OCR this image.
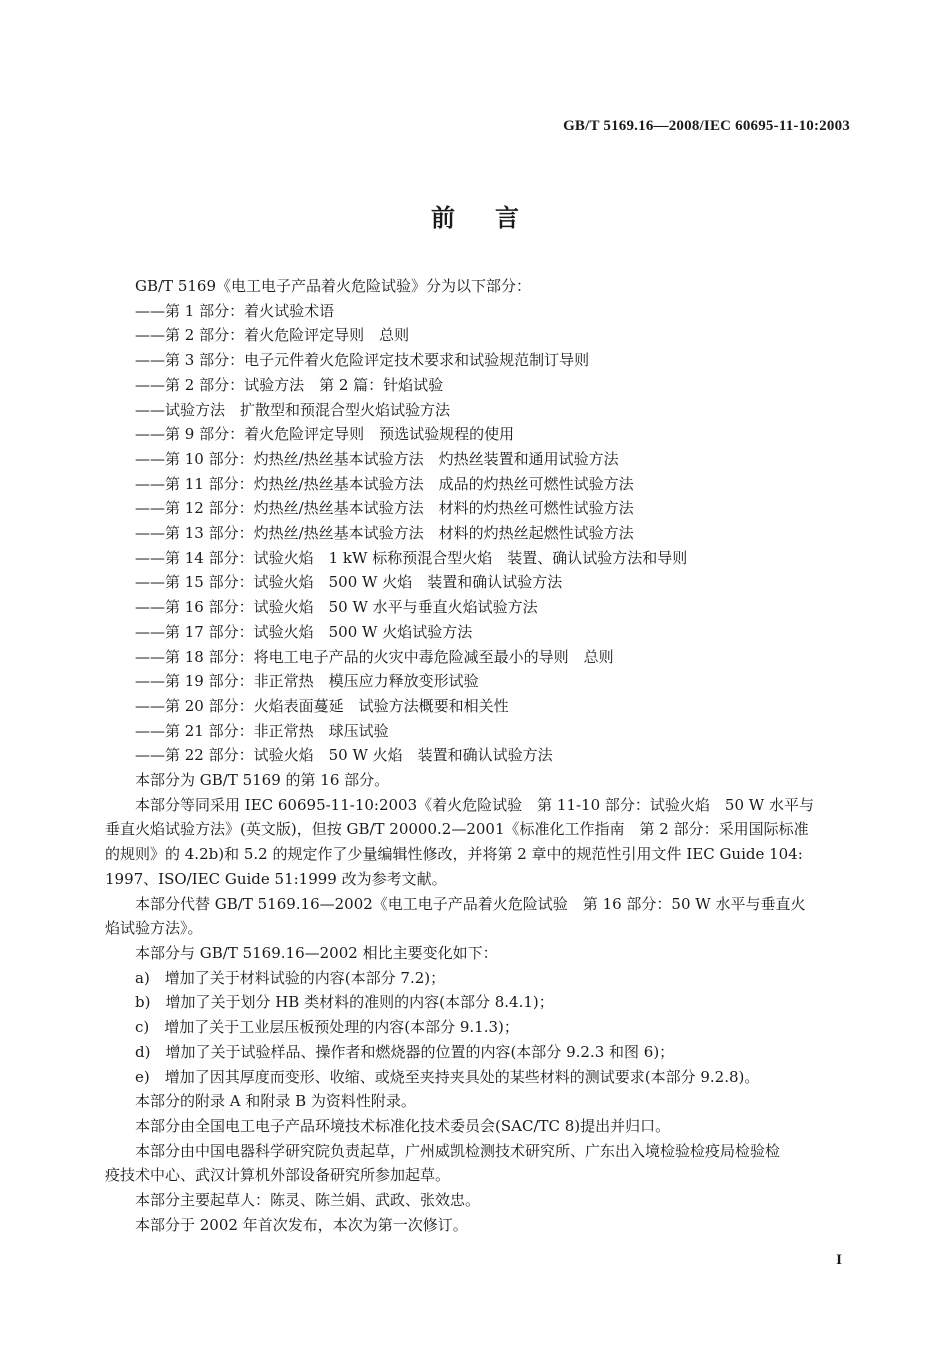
GB/T 5169.16—2008/IEC 60695-11-10:2003
前言

GB/T 5169《电工电子产品着火危险试验》分为以下部分：

——第 1 部分：着火试验术语

——第 2 部分：着火危险评定导则　总则

——第 3 部分：电子元件着火危险评定技术要求和试验规范制订导则

——第 2 部分：试验方法　第 2 篇：针焰试验

——试验方法　扩散型和预混合型火焰试验方法

——第 9 部分：着火危险评定导则　预选试验规程的使用

——第 10 部分：灼热丝/热丝基本试验方法　灼热丝装置和通用试验方法

——第 11 部分：灼热丝/热丝基本试验方法　成品的灼热丝可燃性试验方法

——第 12 部分：灼热丝/热丝基本试验方法　材料的灼热丝可燃性试验方法

——第 13 部分：灼热丝/热丝基本试验方法　材料的灼热丝起燃性试验方法

——第 14 部分：试验火焰　1 kW 标称预混合型火焰　装置、确认试验方法和导则

——第 15 部分：试验火焰　500 W 火焰　装置和确认试验方法

——第 16 部分：试验火焰　50 W 水平与垂直火焰试验方法

——第 17 部分：试验火焰　500 W 火焰试验方法

——第 18 部分：将电工电子产品的火灾中毒危险减至最小的导则　总则

——第 19 部分：非正常热　模压应力释放变形试验

——第 20 部分：火焰表面蔓延　试验方法概要和相关性

——第 21 部分：非正常热　球压试验

——第 22 部分：试验火焰　50 W 火焰　装置和确认试验方法

本部分为 GB/T 5169 的第 16 部分。

本部分等同采用 IEC 60695-11-10:2003《着火危险试验　第 11-10 部分：试验火焰　50 W 水平与

垂直火焰试验方法》(英文版)，但按 GB/T 20000.2—2001《标准化工作指南　第 2 部分：采用国际标准

的规则》的 4.2b)和 5.2 的规定作了少量编辑性修改，并将第 2 章中的规范性引用文件 IEC Guide 104:

1997、ISO/IEC Guide 51:1999 改为参考文献。

本部分代替 GB/T 5169.16—2002《电工电子产品着火危险试验　第 16 部分：50 W 水平与垂直火

焰试验方法》。

本部分与 GB/T 5169.16—2002 相比主要变化如下：

a)　增加了关于材料试验的内容(本部分 7.2)；

b)　增加了关于划分 HB 类材料的准则的内容(本部分 8.4.1)；

c)　增加了关于工业层压板预处理的内容(本部分 9.1.3)；

d)　增加了关于试验样品、操作者和燃烧器的位置的内容(本部分 9.2.3 和图 6)；

e)　增加了因其厚度而变形、收缩、或烧至夹持夹具处的某些材料的测试要求(本部分 9.2.8)。

本部分的附录 A 和附录 B 为资料性附录。

本部分由全国电工电子产品环境技术标准化技术委员会(SAC/TC 8)提出并归口。

本部分由中国电器科学研究院负责起草，广州威凯检测技术研究所、广东出入境检验检疫局检验检

疫技术中心、武汉计算机外部设备研究所参加起草。

本部分主要起草人：陈灵、陈兰娟、武政、张效忠。

本部分于 2002 年首次发布，本次为第一次修订。

I
